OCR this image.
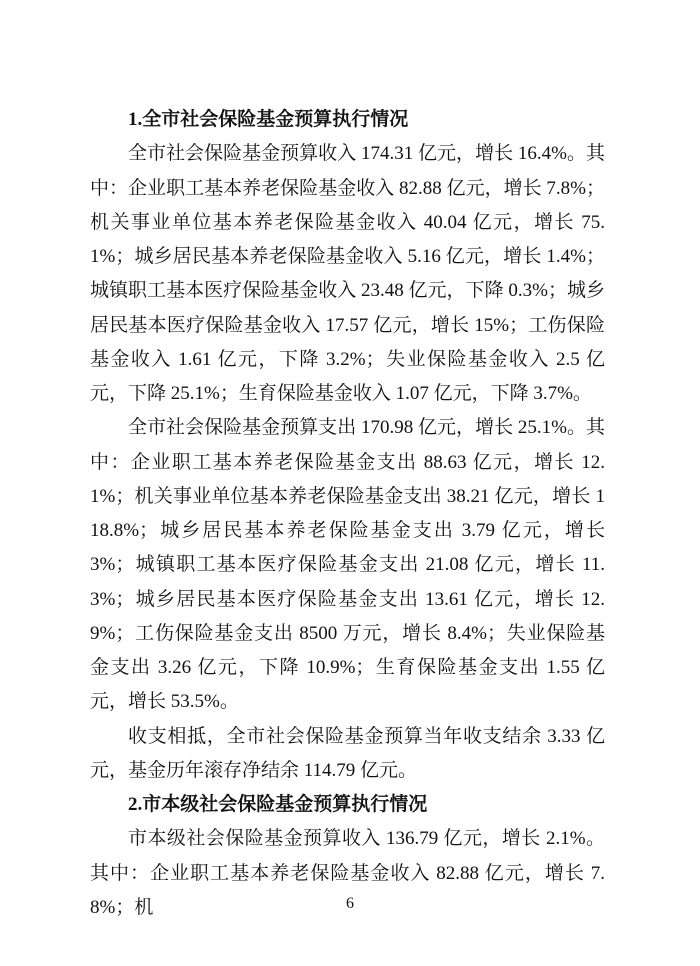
1.全市社会保险基金预算执行情况

全市社会保险基金预算收入 174.31 亿元，增长 16.4%。其中：企业职工基本养老保险基金收入 82.88 亿元，增长 7.8%；机关事业单位基本养老保险基金收入 40.04 亿元，增长 75.1%；城乡居民基本养老保险基金收入 5.16 亿元，增长 1.4%；城镇职工基本医疗保险基金收入 23.48 亿元，下降 0.3%；城乡居民基本医疗保险基金收入 17.57 亿元，增长 15%；工伤保险基金收入 1.61 亿元，下降 3.2%；失业保险基金收入 2.5 亿元，下降 25.1%；生育保险基金收入 1.07 亿元，下降 3.7%。

全市社会保险基金预算支出 170.98 亿元，增长 25.1%。其中：企业职工基本养老保险基金支出 88.63 亿元，增长 12.1%；机关事业单位基本养老保险基金支出 38.21 亿元，增长 118.8%；城乡居民基本养老保险基金支出 3.79 亿元，增长 3%；城镇职工基本医疗保险基金支出 21.08 亿元，增长 11.3%；城乡居民基本医疗保险基金支出 13.61 亿元，增长 12.9%；工伤保险基金支出 8500 万元，增长 8.4%；失业保险基金支出 3.26 亿元，下降 10.9%；生育保险基金支出 1.55 亿元，增长 53.5%。

收支相抵，全市社会保险基金预算当年收支结余 3.33 亿元，基金历年滚存净结余 114.79 亿元。

2.市本级社会保险基金预算执行情况

市本级社会保险基金预算收入 136.79 亿元，增长 2.1%。其中：企业职工基本养老保险基金收入 82.88 亿元，增长 7.8%；机	6
